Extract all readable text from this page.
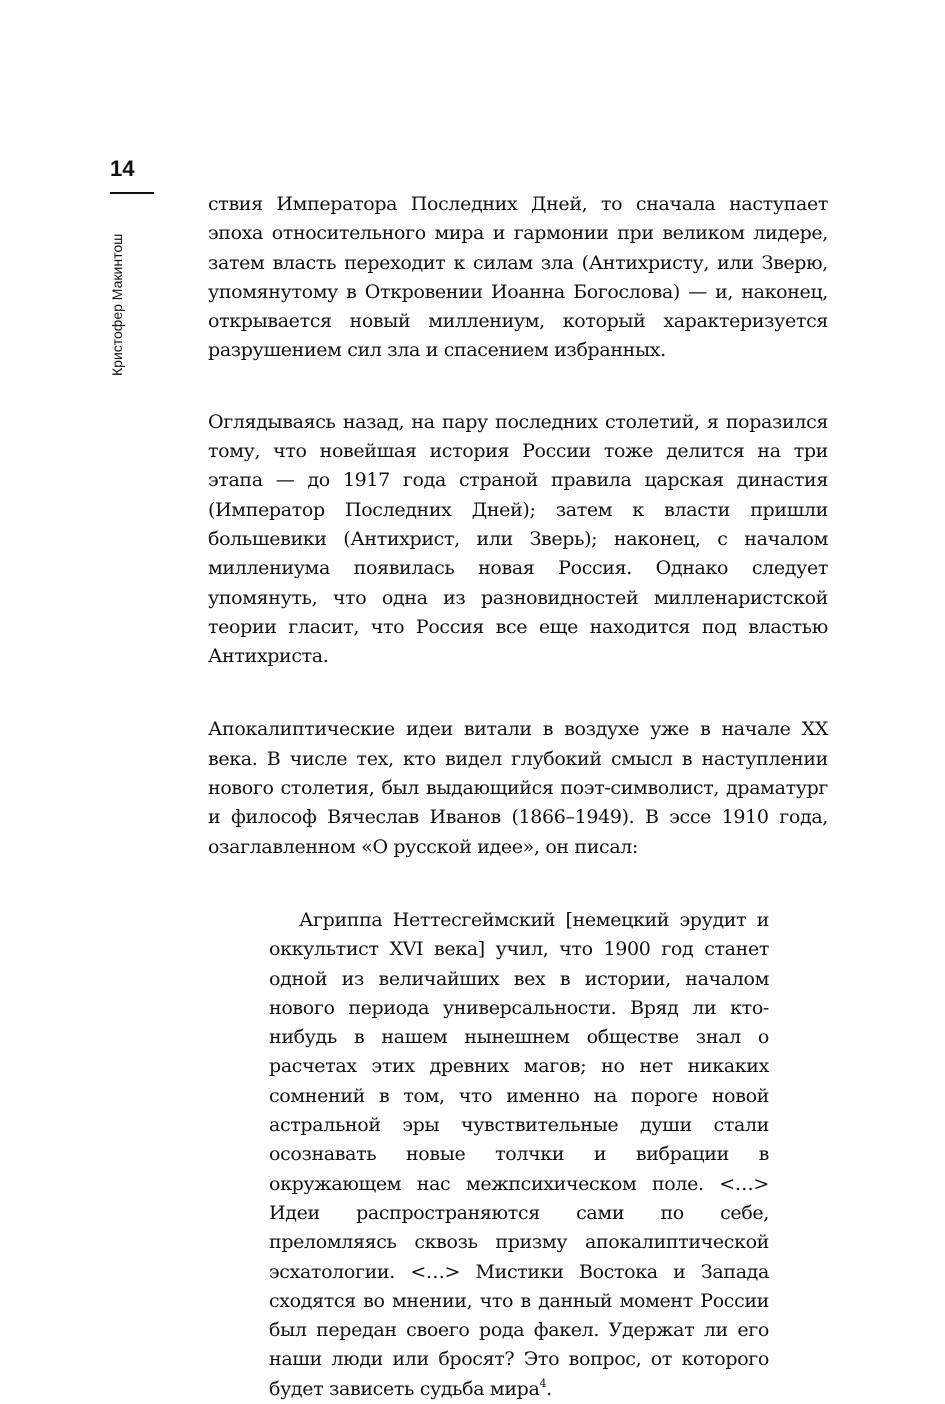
14
Кристофер Макинтош

ствия Императора Последних Дней, то сначала наступает эпоха относительного мира и гармонии при великом лидере, затем власть переходит к силам зла (Антихристу, или Зверю, упомянутому в Откровении Иоанна Богослова) — и, наконец, открывается новый миллениум, который характеризуется разрушением сил зла и спасением избранных.

Оглядываясь назад, на пару последних столетий, я поразился тому, что новейшая история России тоже делится на три этапа — до 1917 года страной правила царская династия (Император Последних Дней); затем к власти пришли большевики (Антихрист, или Зверь); наконец, с началом миллениума появилась новая Россия. Однако следует упомянуть, что одна из разновидностей милленаристской теории гласит, что Россия все еще находится под властью Антихриста.

Апокалиптические идеи витали в воздухе уже в начале XX века. В числе тех, кто видел глубокий смысл в наступлении нового столетия, был выдающийся поэт-символист, драматург и философ Вячеслав Иванов (1866–1949). В эссе 1910 года, озаглавленном «О русской идее», он писал:

Агриппа Неттесгеймский [немецкий эрудит и оккультист XVI века] учил, что 1900 год станет одной из величайших вех в истории, началом нового периода универсальности. Вряд ли кто-нибудь в нашем нынешнем обществе знал о расчетах этих древних магов; но нет никаких сомнений в том, что именно на пороге новой астральной эры чувствительные души стали осознавать новые толчки и вибрации в окружающем нас межпсихическом поле. <…> Идеи распространяются сами по себе, преломляясь сквозь призму апокалиптической эсхатологии. <…> Мистики Востока и Запада сходятся во мнении, что в данный момент России был передан своего рода факел. Удержат ли его наши люди или бросят? Это вопрос, от которого будет зависеть судьба мира$^4$.
